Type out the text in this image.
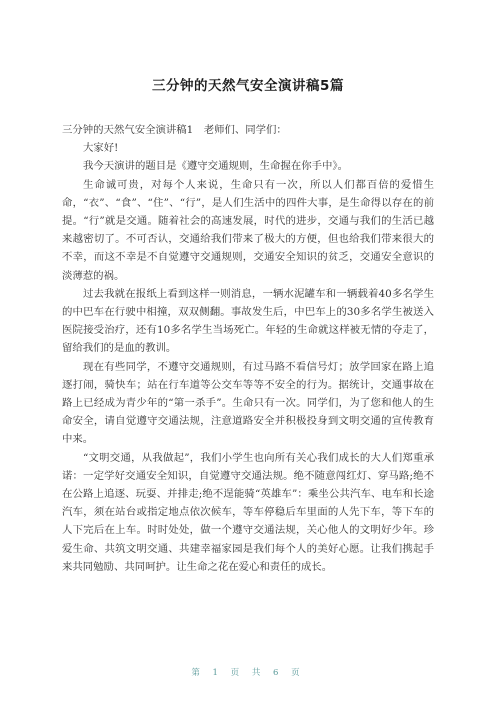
三分钟的天然气安全演讲稿5篇

三分钟的天然气安全演讲稿1　老师们、同学们：

大家好!

我今天演讲的题目是《遵守交通规则，生命握在你手中》。

生命诚可贵，对每个人来说，生命只有一次，所以人们都百倍的爱惜生命，“衣”、“食”、“住”、“行”，是人们生活中的四件大事，是生命得以存在的前提。“行”就是交通。随着社会的高速发展，时代的进步，交通与我们的生活已越来越密切了。不可否认，交通给我们带来了极大的方便，但也给我们带来很大的不幸，而这不幸是不自觉遵守交通规则，交通安全知识的贫乏，交通安全意识的淡薄惹的祸。

过去我就在报纸上看到这样一则消息，一辆水泥罐车和一辆载着40多名学生的中巴车在行驶中相撞，双双侧翻。事故发生后，中巴车上的30多名学生被送入医院接受治疗，还有10多名学生当场死亡。年轻的生命就这样被无情的夺走了，留给我们的是血的教训。

现在有些同学，不遵守交通规则，有过马路不看信号灯；放学回家在路上追逐打闹，骑快车；站在行车道等公交车等等不安全的行为。据统计，交通事故在路上已经成为青少年的“第一杀手”。生命只有一次。同学们，为了您和他人的生命安全，请自觉遵守交通法规，注意道路安全并积极投身到文明交通的宣传教育中来。

“文明交通，从我做起”，我们小学生也向所有关心我们成长的大人们郑重承诺：一定学好交通安全知识，自觉遵守交通法规。绝不随意闯红灯、穿马路;绝不在公路上追逐、玩耍、并排走;绝不逞能骑“英雄车”：乘坐公共汽车、电车和长途汽车，须在站台或指定地点依次候车，等车停稳后车里面的人先下车，等下车的人下完后在上车。时时处处，做一个遵守交通法规，关心他人的文明好少年。珍爱生命、共筑文明交通、共建幸福家园是我们每个人的美好心愿。让我们携起手来共同勉励、共同呵护。让生命之花在爱心和责任的成长。

第 1 页 共 6 页
